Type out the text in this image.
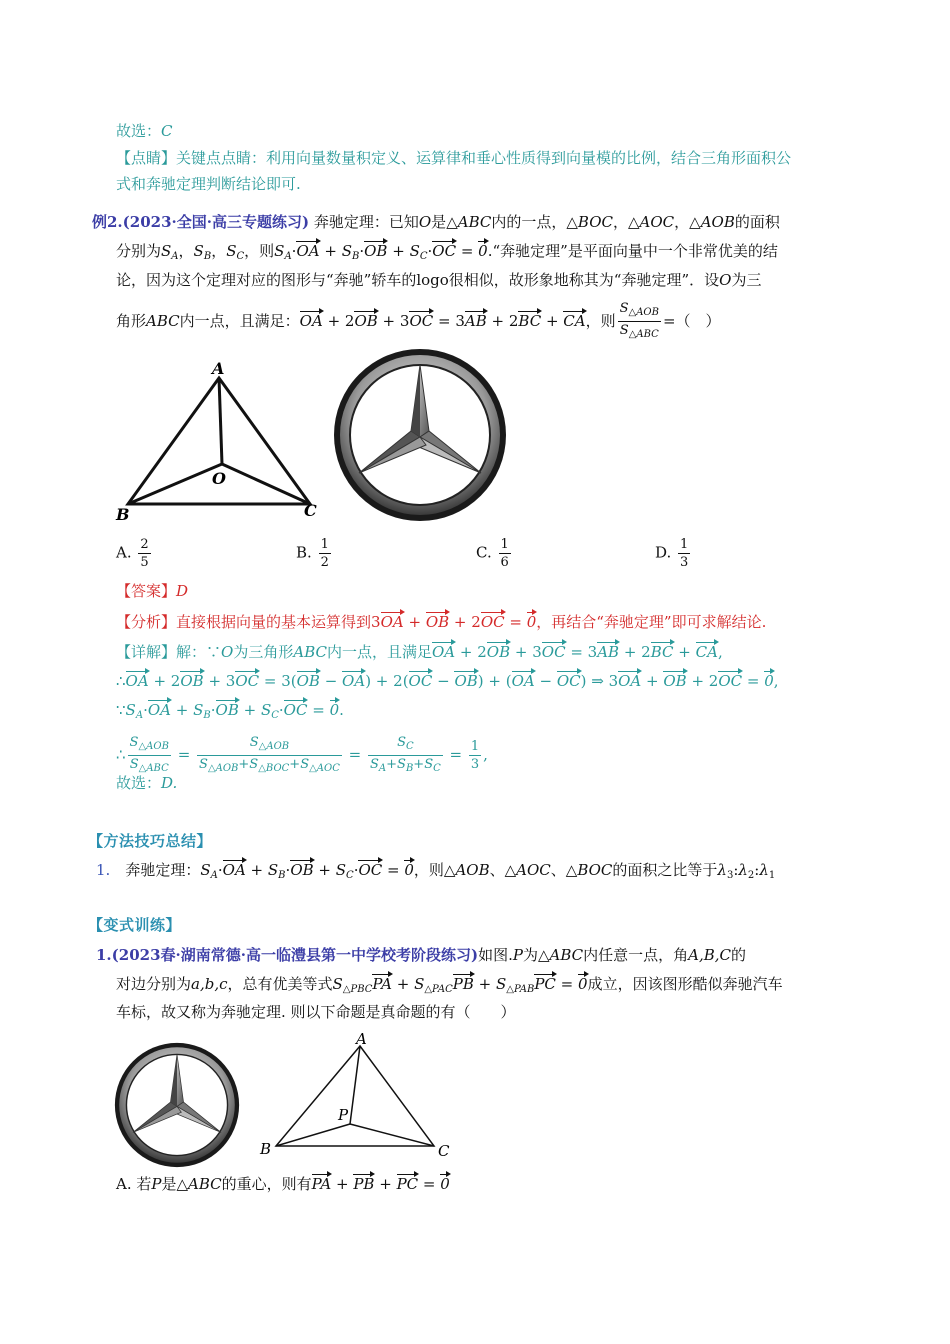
故选：C
【点睛】关键点点睛：利用向量数量积定义、运算律和垂心性质得到向量模的比例，结合三角形面积公
式和奔驰定理判断结论即可.
例2.(2023·全国·高三专题练习) 奔驰定理：已知O是△ABC内的一点，△BOC，△AOC，△AOB的面积
分别为$S_A$，$S_B$，$S_C$，则$S_A\cdot OA + S_B\cdot OB + S_C\cdot OC$ = 0.“奔驰定理”是平面向量中一个非常优美的结
论，因为这个定理对应的图形与“奔驰”轿车的logo很相似，故形象地称其为“奔驰定理”．设O为三
角形ABC内一点，且满足：OA + 2OB + 3OC = 3AB + 2BC + CA，则 $\frac{S_{\triangle AOB}}{S_{\triangle ABC}}$ =（　）
A
B	C
O
A. $\frac{2}{5}$	B. $\frac{1}{2}$	C. $\frac{1}{6}$	D. $\frac{1}{3}$
【答案】D
【分析】直接根据向量的基本运算得到3OA + OB + 2OC = 0，再结合“奔驰定理”即可求解结论.
【详解】解：∵O为三角形ABC内一点，且满足OA + 2OB + 3OC = 3AB + 2BC + CA,
∴OA + 2OB + 3OC = 3(OB − OA) + 2(OC − OB) + (OA − OC) ⇒ 3OA + OB + 2OC = 0,
$\because S_A\cdot OA + S_B\cdot OB + S_C\cdot OC = 0$.
∴ $\frac{S_{\triangle AOB}}{S_{\triangle ABC}} = \frac{S_{\triangle AOB}}{S_{\triangle AOB}+S_{\triangle BOC}+S_{\triangle AOC}} = \frac{S_C}{S_A+S_B+S_C} = \frac{1}{3}$ ,
故选：D.
【方法技巧总结】
1.　 奔驰定理：$S_A\cdot OA + S_B\cdot OB + S_C\cdot OC = 0$，则△AOB、△AOC、△BOC的面积之比等于$\lambda_3:\lambda_2:\lambda_1$
【变式训练】
1.(2023春·湖南常德·高一临澧县第一中学校考阶段练习)如图.P为△ABC内任意一点，角A,B,C的
对边分别为a,b,c，总有优美等式$S_{\triangle PBC}PA + S_{\triangle PAC}PB + S_{\triangle PAB}PC = 0$成立，因该图形酷似奔驰汽车
车标，故又称为奔驰定理. 则以下命题是真命题的有（　　）
A
B	C
P
A. 若P是△ABC的重心，则有PA + PB + PC = 0
